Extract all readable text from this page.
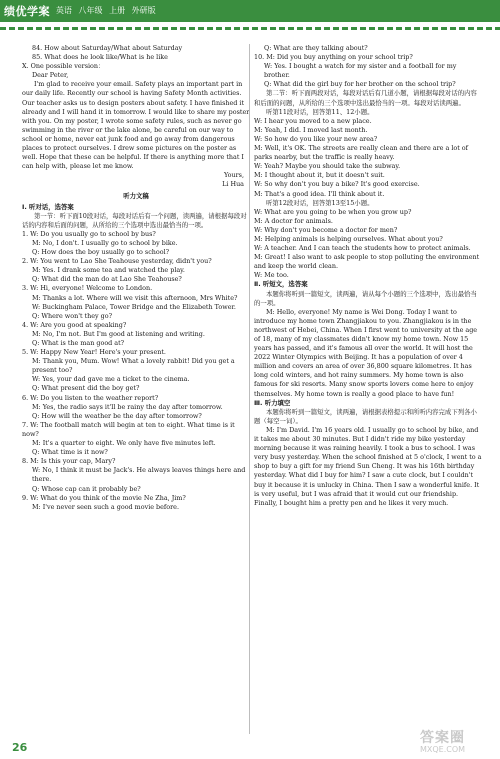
绩优学案 英语 八年级 上册 外研版

84. How about Saturday/What about Saturday

85. What does he look like/What is he like

Ⅹ. One possible version：

Dear Peter,

I'm glad to receive your email. Safety plays an important part in our daily life. Recently our school is having Safety Month activities. Our teacher asks us to design posters about safety. I have finished it already and I will hand it in tomorrow. I would like to share my poster with you. On my poster, I wrote some safety rules, such as never go swimming in the river or the lake alone, be careful on our way to school or home, never eat junk food and go away from dangerous places to protect ourselves. I drew some pictures on the poster as well. Hope that these can be helpful. If there is anything more that I can help with, please let me know.

Yours,

Li Hua

听力文稿

Ⅰ. 听对话，选答案

第一节：听下面10段对话，每段对话后有一个问题，读两遍，请根据每段对话的内容和后面的问题，从所给的三个选项中选出最恰当的一项。

1. W: Do you usually go to school by bus?

M: No, I don't. I usually go to school by bike.

Q: How does the boy usually go to school?

2. W: You went to Lao She Teahouse yesterday, didn't you?

M: Yes. I drank some tea and watched the play.

Q: What did the man do at Lao She Teahouse?

3. W: Hi, everyone! Welcome to London.

M: Thanks a lot. Where will we visit this afternoon, Mrs White?

W: Buckingham Palace, Tower Bridge and the Elizabeth Tower.

Q: Where won't they go?

4. W: Are you good at speaking?

M: No, I'm not. But I'm good at listening and writing.

Q: What is the man good at?

5. W: Happy New Year! Here's your present.

M: Thank you, Mum. Wow! What a lovely rabbit! Did you get a present too?

W: Yes, your dad gave me a ticket to the cinema.

Q: What present did the boy get?

6. W: Do you listen to the weather report?

M: Yes, the radio says it'll be rainy the day after tomorrow.

Q: How will the weather be the day after tomorrow?

7. W: The football match will begin at ten to eight. What time is it now?

M: It's a quarter to eight. We only have five minutes left.

Q: What time is it now?

8. M: Is this your cap, Mary?

W: No, I think it must be Jack's. He always leaves things here and there.

Q: Whose cap can it probably be?

9. W: What do you think of the movie Ne Zha, Jim?

M: I've never seen such a good movie before.

Q: What are they talking about?

10. M: Did you buy anything on your school trip?

W: Yes. I bought a watch for my sister and a football for my brother.

Q: What did the girl buy for her brother on the school trip?

第二节：听下面两段对话，每段对话后有几道小题，请根据每段对话的内容和后面的问题，从所给的三个选项中选出最恰当的一项。每段对话读两遍。

听第11段对话，回答第11、12小题。

W: I hear you moved to a new place.

M: Yeah, I did. I moved last month.

W: So how do you like your new area?

M: Well, it's OK. The streets are really clean and there are a lot of parks nearby, but the traffic is really heavy.

W: Yeah? Maybe you should take the subway.

M: I thought about it, but it doesn't suit.

W: So why don't you buy a bike? It's good exercise.

M: That's a good idea. I'll think about it.

听第12段对话，回答第13至15小题。

W: What are you going to be when you grow up?

M: A doctor for animals.

W: Why don't you become a doctor for men?

M: Helping animals is helping ourselves. What about you?

W: A teacher. And I can teach the students how to protect animals.

M: Great! I also want to ask people to stop polluting the environment and keep the world clean.

W: Me too.

Ⅱ. 听短文，选答案

本题你将听到一篇短文，读两遍，请从每个小题的三个选项中，选出最恰当的一项。

M: Hello, everyone! My name is Wei Dong. Today I want to introduce my home town Zhangjiakou to you. Zhangjiakou is in the northwest of Hebei, China. When I first went to university at the age of 18, many of my classmates didn't know my home town. Now 15 years has passed, and it's famous all over the world. It will host the 2022 Winter Olympics with Beijing. It has a population of over 4 million and covers an area of over 36,800 square kilometres. It has long cold winters, and hot rainy summers. My home town is also famous for ski resorts. Many snow sports lovers come here to enjoy themselves. My home town is really a good place to have fun!

Ⅲ. 听力填空

本题你将听到一篇短文，读两遍，请根据表格提示和所听内容完成下列各小题（每空一词）。

M: I'm David. I'm 16 years old. I usually go to school by bike, and it takes me about 30 minutes. But I didn't ride my bike yesterday morning because it was raining heavily. I took a bus to school. I was very busy yesterday. When the school finished at 5 o'clock, I went to a shop to buy a gift for my friend Sun Cheng. It was his 16th birthday yesterday. What did I buy for him? I saw a cute clock, but I couldn't buy it because it is unlucky in China. Then I saw a wonderful knife. It is very useful, but I was afraid that it would cut our friendship. Finally, I bought him a pretty pen and he likes it very much.

26
答案圈
MXQE.COM
